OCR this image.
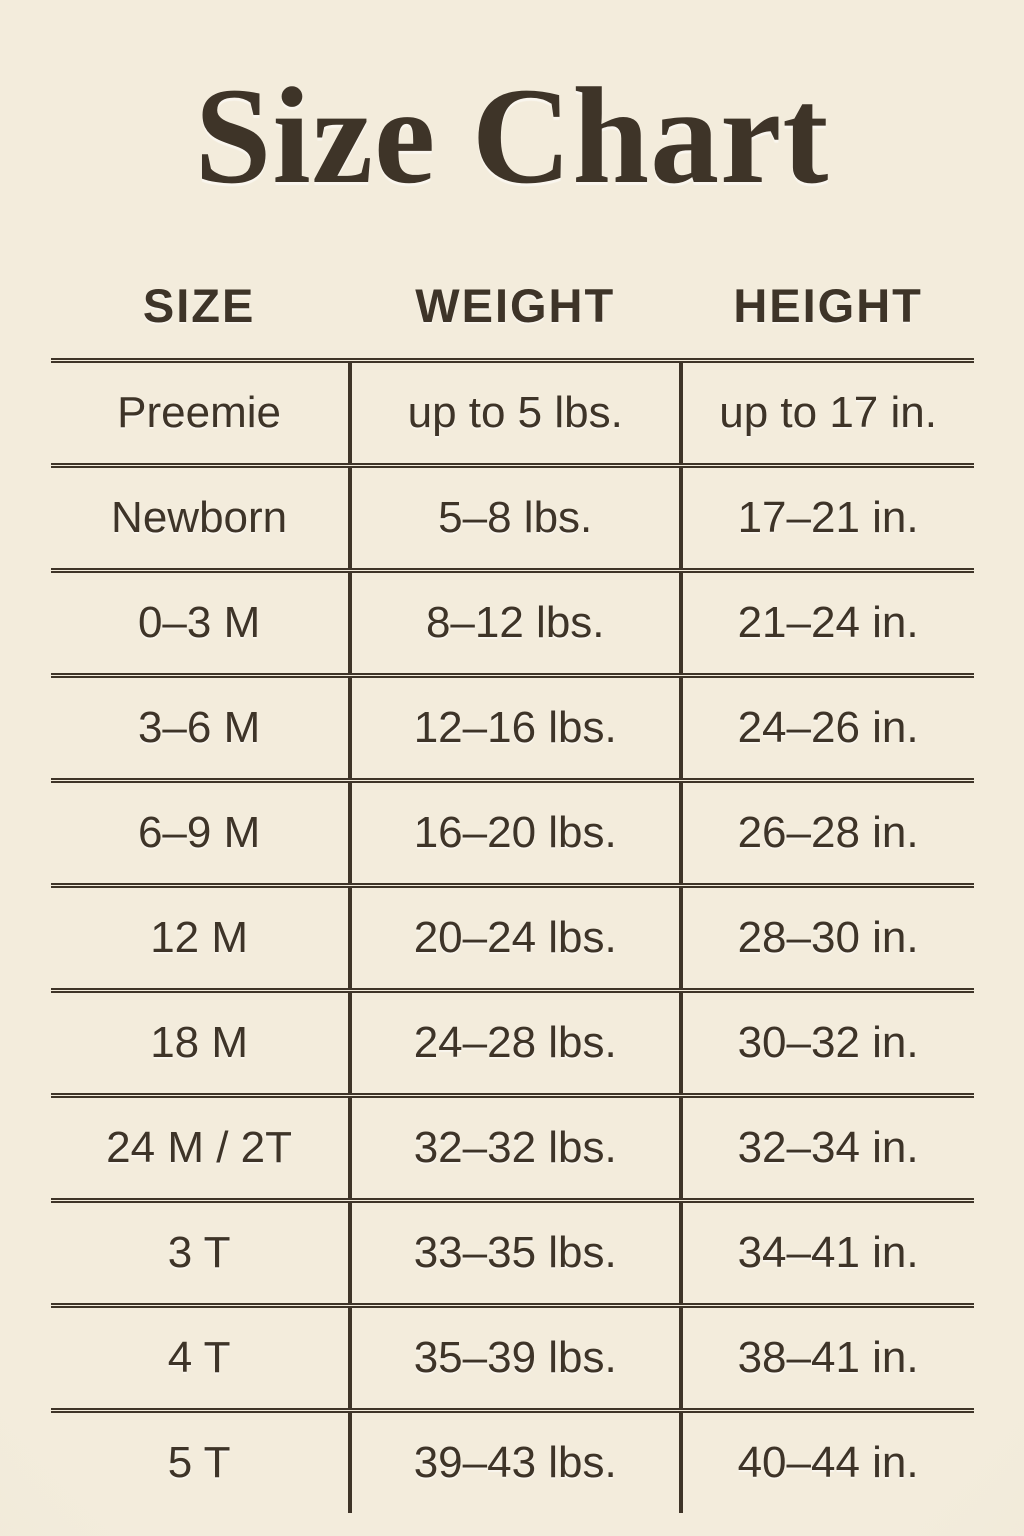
Size Chart
SIZE	WEIGHT	HEIGHT
Preemie	up to 5 lbs.	up to 17 in.
Newborn	5–8 lbs.	17–21 in.
0–3 M	8–12 lbs.	21–24 in.
3–6 M	12–16 lbs.	24–26 in.
6–9 M	16–20 lbs.	26–28 in.
12 M	20–24 lbs.	28–30 in.
18 M	24–28 lbs.	30–32 in.
24 M / 2T	32–32 lbs.	32–34 in.
3 T	33–35 lbs.	34–41 in.
4 T	35–39 lbs.	38–41 in.
5 T	39–43 lbs.	40–44 in.
